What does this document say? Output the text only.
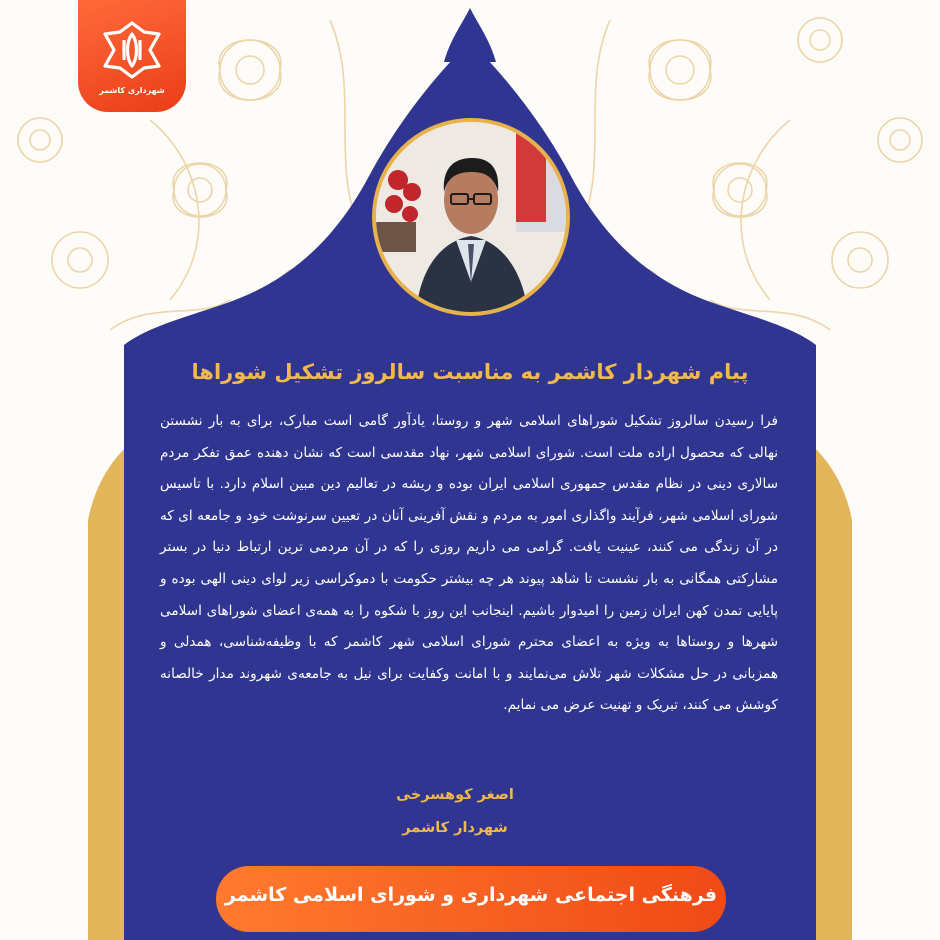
شهرداری کاشمر
پیام شهردار کاشمر به مناسبت سالروز تشکیل شوراها
فرا رسیدن سالروز تشکیل شوراهای اسلامی شهر و روستا، یادآور گامی است مبارک، برای به بار نشستن نهالی که محصول اراده ملت است. شورای اسلامی شهر، نهاد مقدسی است که نشان دهنده عمق تفکر مردم سالاری دینی در نظام مقدس جمهوری اسلامی ایران بوده و ریشه در تعالیم دین مبین اسلام دارد. با تاسیس شورای اسلامی شهر، فرآیند واگذاری امور به مردم و نقش آفرینی آنان در تعیین سرنوشت خود و جامعه ای که در آن زندگی می کنند، عینیت یافت. گرامی می داریم روزی را که در آن مردمی ترین ارتباط دنیا در بستر مشارکتی همگانی به بار نشست تا شاهد پیوند هر چه بیشتر حکومت با دموکراسی زیر لوای دینی الهی بوده و پایایی تمدن کهن ایران زمین را امیدوار باشیم. اینجانب این روز با شکوه را به همه‌ی اعضای شوراهای اسلامی شهرها و روستاها به ویژه به اعضای محترم شورای اسلامی شهر کاشمر که با وظیفه‌شناسی، همدلی و همزبانی در حل مشکلات شهر تلاش می‌نمایند و با امانت وکفایت برای نیل به جامعه‌ی شهروند مدار خالصانه کوشش می کنند، تبریک و تهنیت عرض می نمایم.
اصغر کوهسرخی
شهردار کاشمر
فرهنگی اجتماعی شهرداری و شورای اسلامی کاشمر
